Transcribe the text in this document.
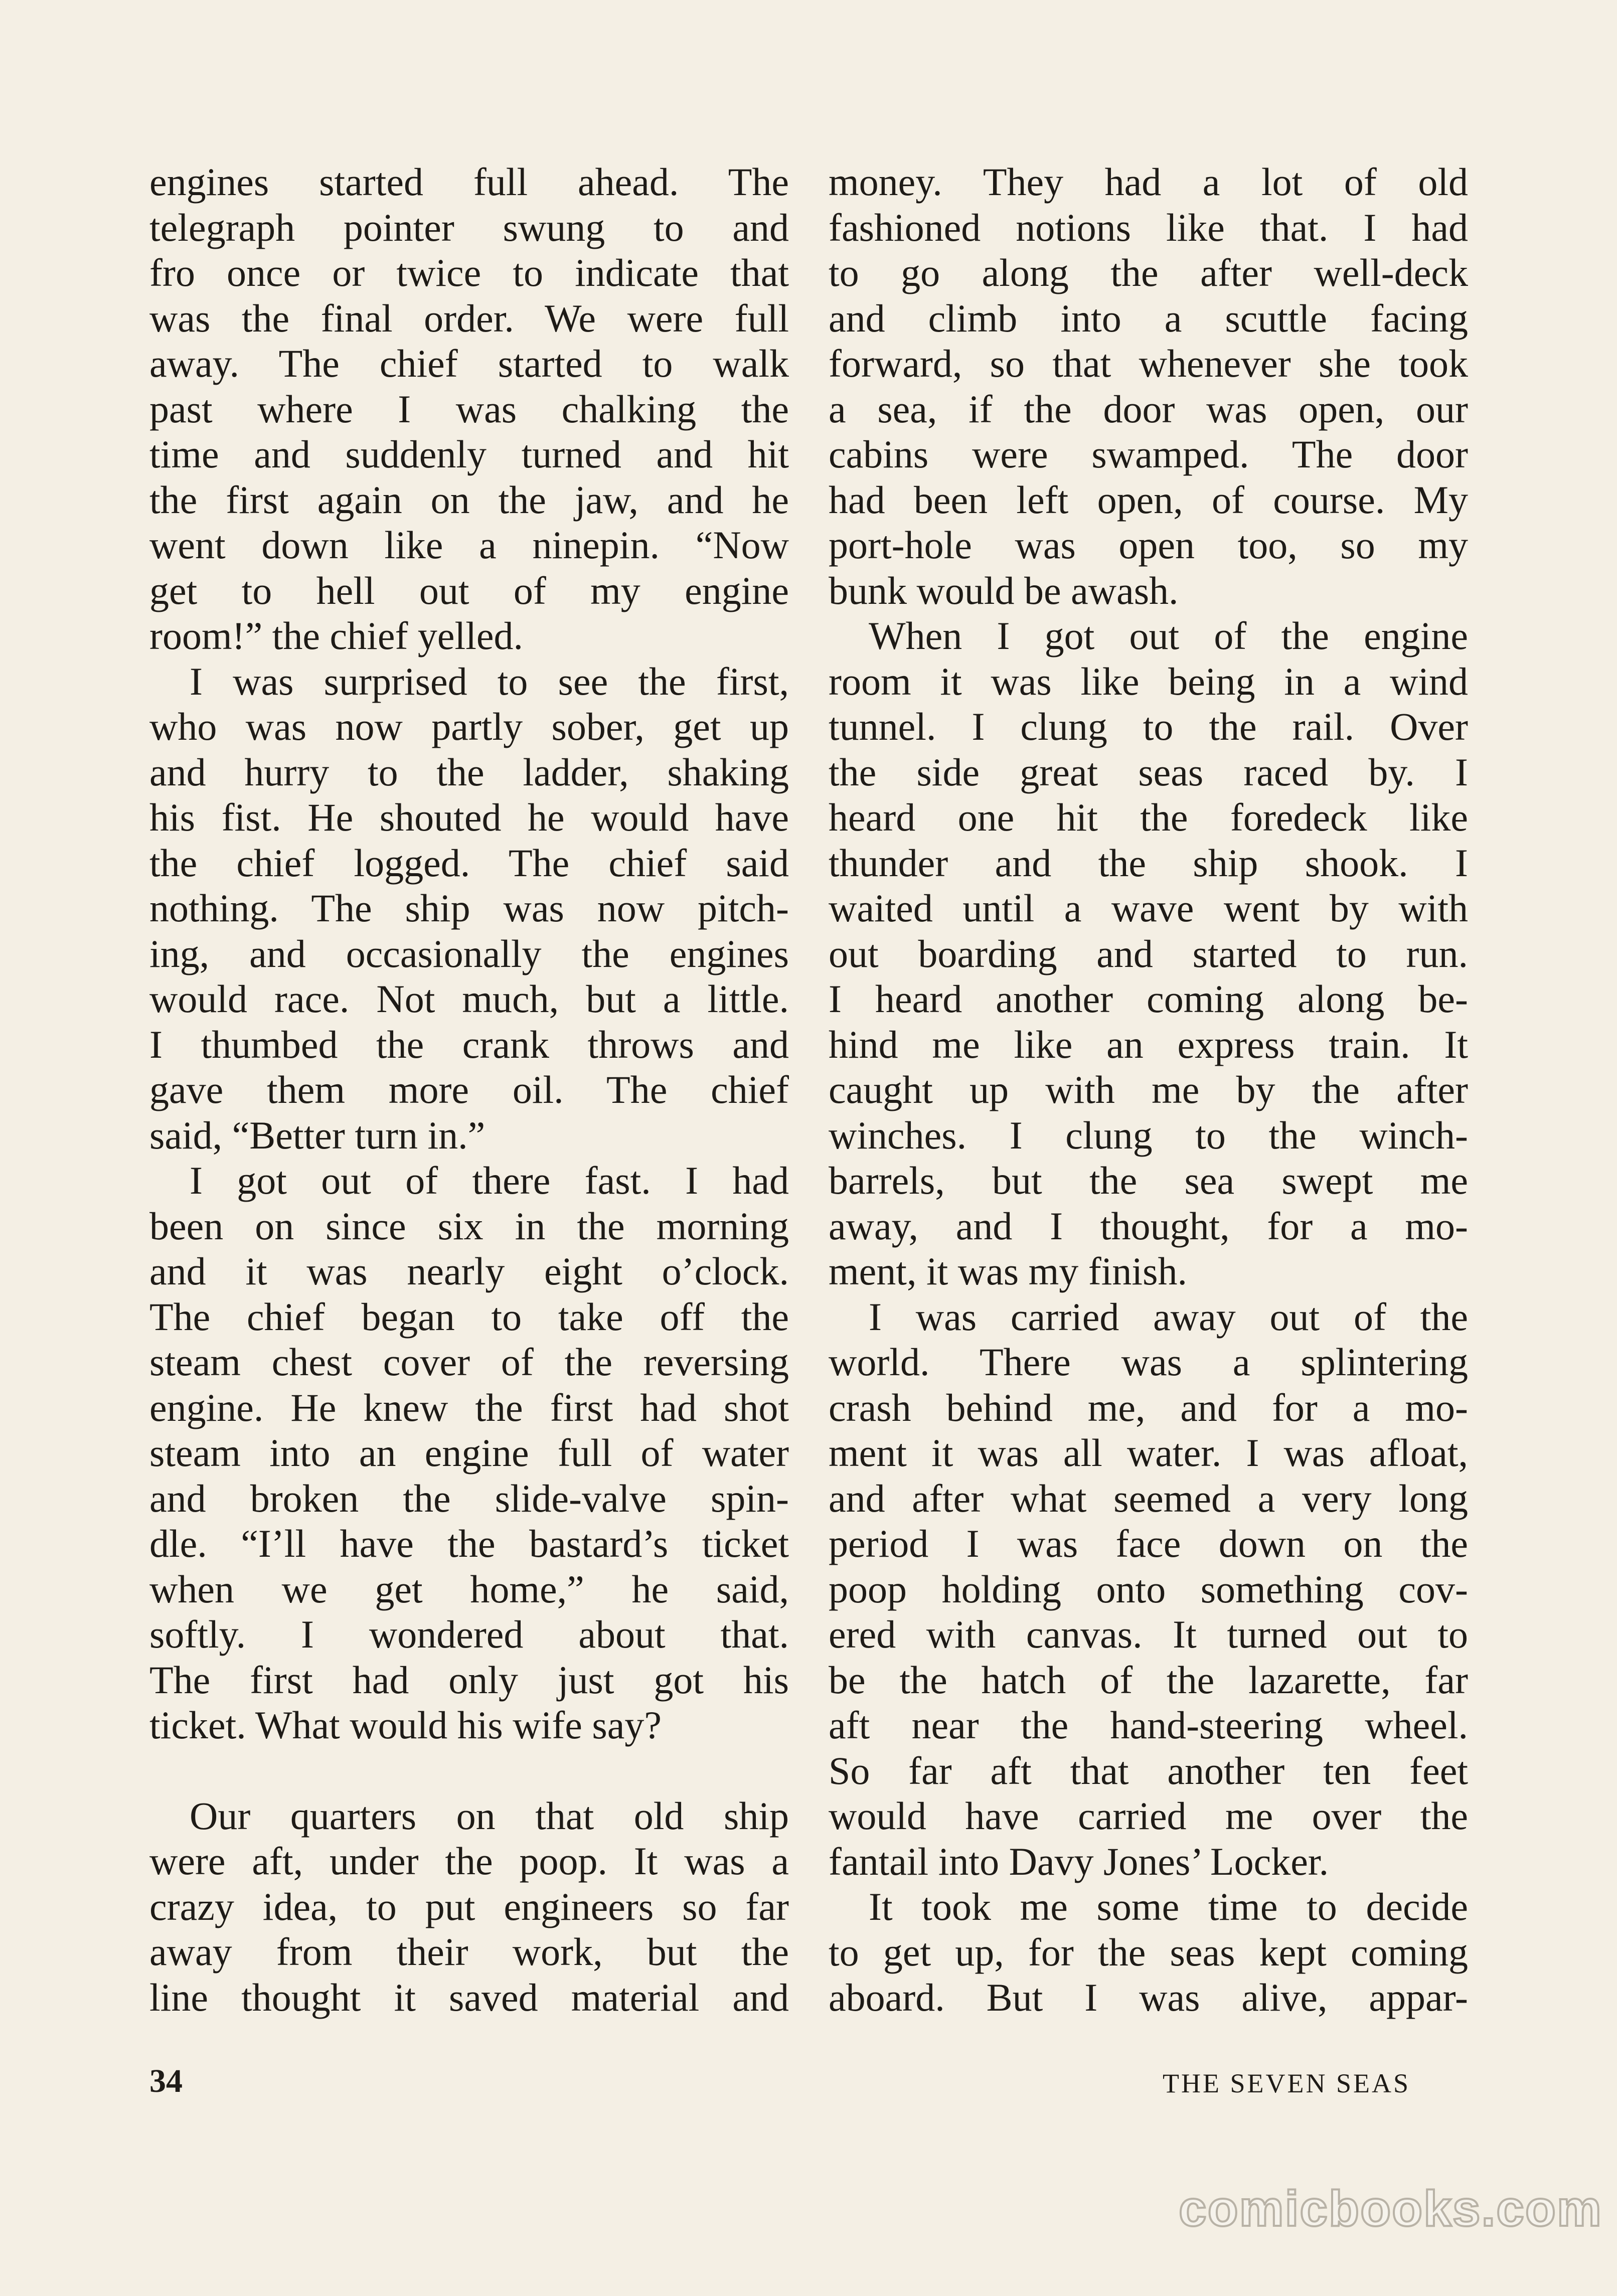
engines started full ahead. The
telegraph pointer swung to and
fro once or twice to indicate that
was the final order. We were full
away. The chief started to walk
past where I was chalking the
time and suddenly turned and hit
the first again on the jaw, and he
went down like a ninepin. “Now
get to hell out of my engine
room!” the chief yelled.
I was surprised to see the first,
who was now partly sober, get up
and hurry to the ladder, shaking
his fist. He shouted he would have
the chief logged. The chief said
nothing. The ship was now pitch-
ing, and occasionally the engines
would race. Not much, but a little.
I thumbed the crank throws and
gave them more oil. The chief
said, “Better turn in.”
I got out of there fast. I had
been on since six in the morning
and it was nearly eight o’clock.
The chief began to take off the
steam chest cover of the reversing
engine. He knew the first had shot
steam into an engine full of water
and broken the slide-valve spin-
dle. “I’ll have the bastard’s ticket
when we get home,” he said,
softly. I wondered about that.
The first had only just got his
ticket. What would his wife say?
Our quarters on that old ship
were aft, under the poop. It was a
crazy idea, to put engineers so far
away from their work, but the
line thought it saved material and
money. They had a lot of old
fashioned notions like that. I had
to go along the after well-deck
and climb into a scuttle facing
forward, so that whenever she took
a sea, if the door was open, our
cabins were swamped. The door
had been left open, of course. My
port-hole was open too, so my
bunk would be awash.
When I got out of the engine
room it was like being in a wind
tunnel. I clung to the rail. Over
the side great seas raced by. I
heard one hit the foredeck like
thunder and the ship shook. I
waited until a wave went by with
out boarding and started to run.
I heard another coming along be-
hind me like an express train. It
caught up with me by the after
winches. I clung to the winch-
barrels, but the sea swept me
away, and I thought, for a mo-
ment, it was my finish.
I was carried away out of the
world. There was a splintering
crash behind me, and for a mo-
ment it was all water. I was afloat,
and after what seemed a very long
period I was face down on the
poop holding onto something cov-
ered with canvas. It turned out to
be the hatch of the lazarette, far
aft near the hand-steering wheel.
So far aft that another ten feet
would have carried me over the
fantail into Davy Jones’ Locker.
It took me some time to decide
to get up, for the seas kept coming
aboard. But I was alive, appar-
34	THE SEVEN SEAS
comicbooks.com
